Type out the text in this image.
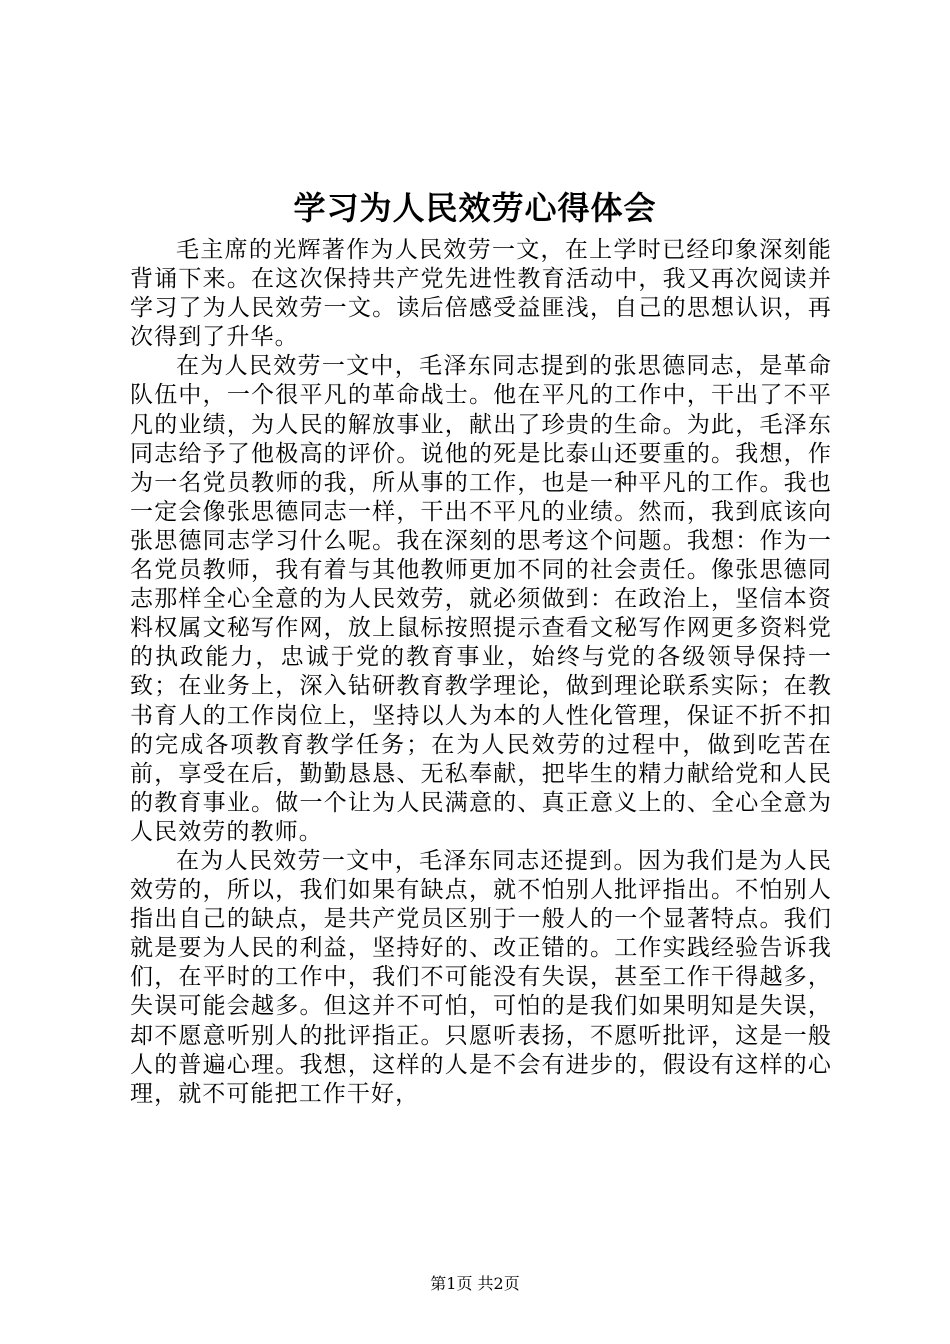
学习为人民效劳心得体会

毛主席的光辉著作为人民效劳一文，在上学时已经印象深刻能背诵下来。在这次保持共产党先进性教育活动中，我又再次阅读并学习了为人民效劳一文。读后倍感受益匪浅，自己的思想认识，再次得到了升华。

在为人民效劳一文中，毛泽东同志提到的张思德同志，是革命队伍中，一个很平凡的革命战士。他在平凡的工作中，干出了不平凡的业绩，为人民的解放事业，献出了珍贵的生命。为此，毛泽东同志给予了他极高的评价。说他的死是比泰山还要重的。我想，作为一名党员教师的我，所从事的工作，也是一种平凡的工作。我也一定会像张思德同志一样，干出不平凡的业绩。然而，我到底该向张思德同志学习什么呢。我在深刻的思考这个问题。我想：作为一名党员教师，我有着与其他教师更加不同的社会责任。像张思德同志那样全心全意的为人民效劳，就必须做到：在政治上，坚信本资料权属文秘写作网，放上鼠标按照提示查看文秘写作网更多资料党的执政能力，忠诚于党的教育事业，始终与党的各级领导保持一致；在业务上，深入钻研教育教学理论，做到理论联系实际；在教书育人的工作岗位上，坚持以人为本的人性化管理，保证不折不扣的完成各项教育教学任务；在为人民效劳的过程中，做到吃苦在前，享受在后，勤勤恳恳、无私奉献，把毕生的精力献给党和人民的教育事业。做一个让为人民满意的、真正意义上的、全心全意为人民效劳的教师。

在为人民效劳一文中，毛泽东同志还提到。因为我们是为人民效劳的，所以，我们如果有缺点，就不怕别人批评指出。不怕别人指出自己的缺点，是共产党员区别于一般人的一个显著特点。我们就是要为人民的利益，坚持好的、改正错的。工作实践经验告诉我们，在平时的工作中，我们不可能没有失误，甚至工作干得越多，失误可能会越多。但这并不可怕，可怕的是我们如果明知是失误，却不愿意听别人的批评指正。只愿听表扬，不愿听批评，这是一般人的普遍心理。我想，这样的人是不会有进步的，假设有这样的心理，就不可能把工作干好，

第1页 共2页
